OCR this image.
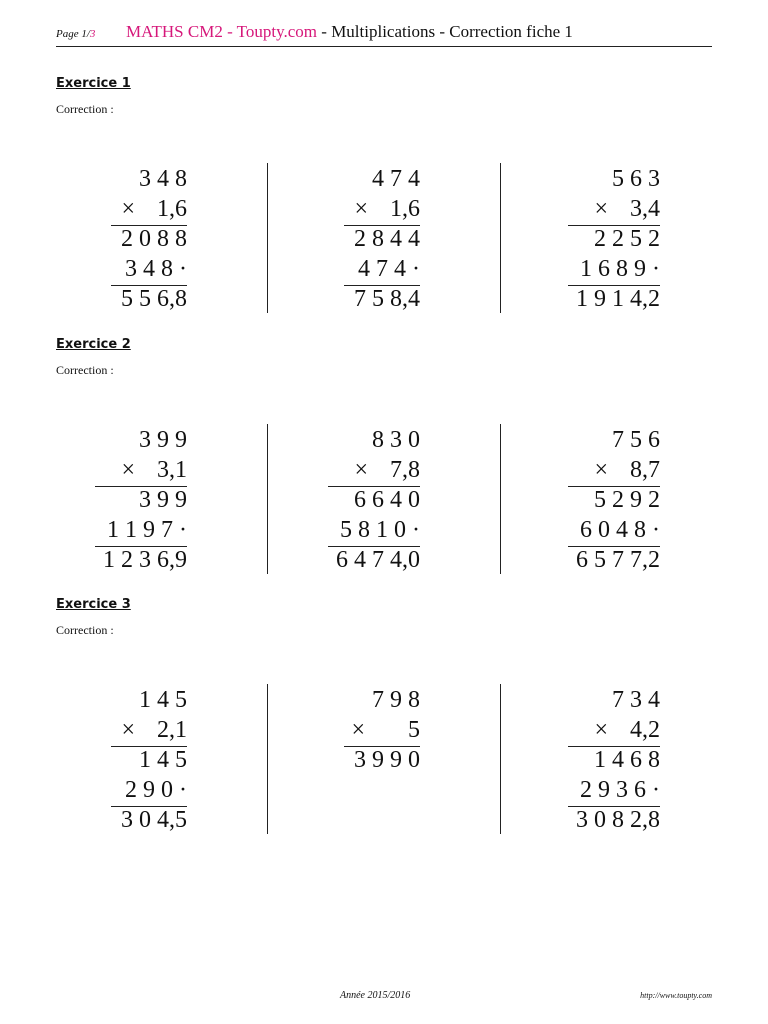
Page 1/3 MATHS CM2 - Toupty.com - Multiplications - Correction fiche 1
Exercice 1
Correction :
3 4 8
1,6
×
2 0 8 8
3 4 8 ·
5 5 6,8
4 7 4
1,6
×
2 8 4 4
4 7 4 ·
7 5 8,4
5 6 3
3,4
×
2 2 5 2
1 6 8 9 ·
1 9 1 4,2
Exercice 2
Correction :
3 9 9
3,1
×
3 9 9
1 1 9 7 ·
1 2 3 6,9
8 3 0
7,8
×
6 6 4 0
5 8 1 0 ·
6 4 7 4,0
7 5 6
8,7
×
5 2 9 2
6 0 4 8 ·
6 5 7 7,2
Exercice 3
Correction :
1 4 5
2,1
×
1 4 5
2 9 0 ·
3 0 4,5
7 9 8
5
×
3 9 9 0
7 3 4
4,2
×
1 4 6 8
2 9 3 6 ·
3 0 8 2,8
Année 2015/2016	http://www.toupty.com
